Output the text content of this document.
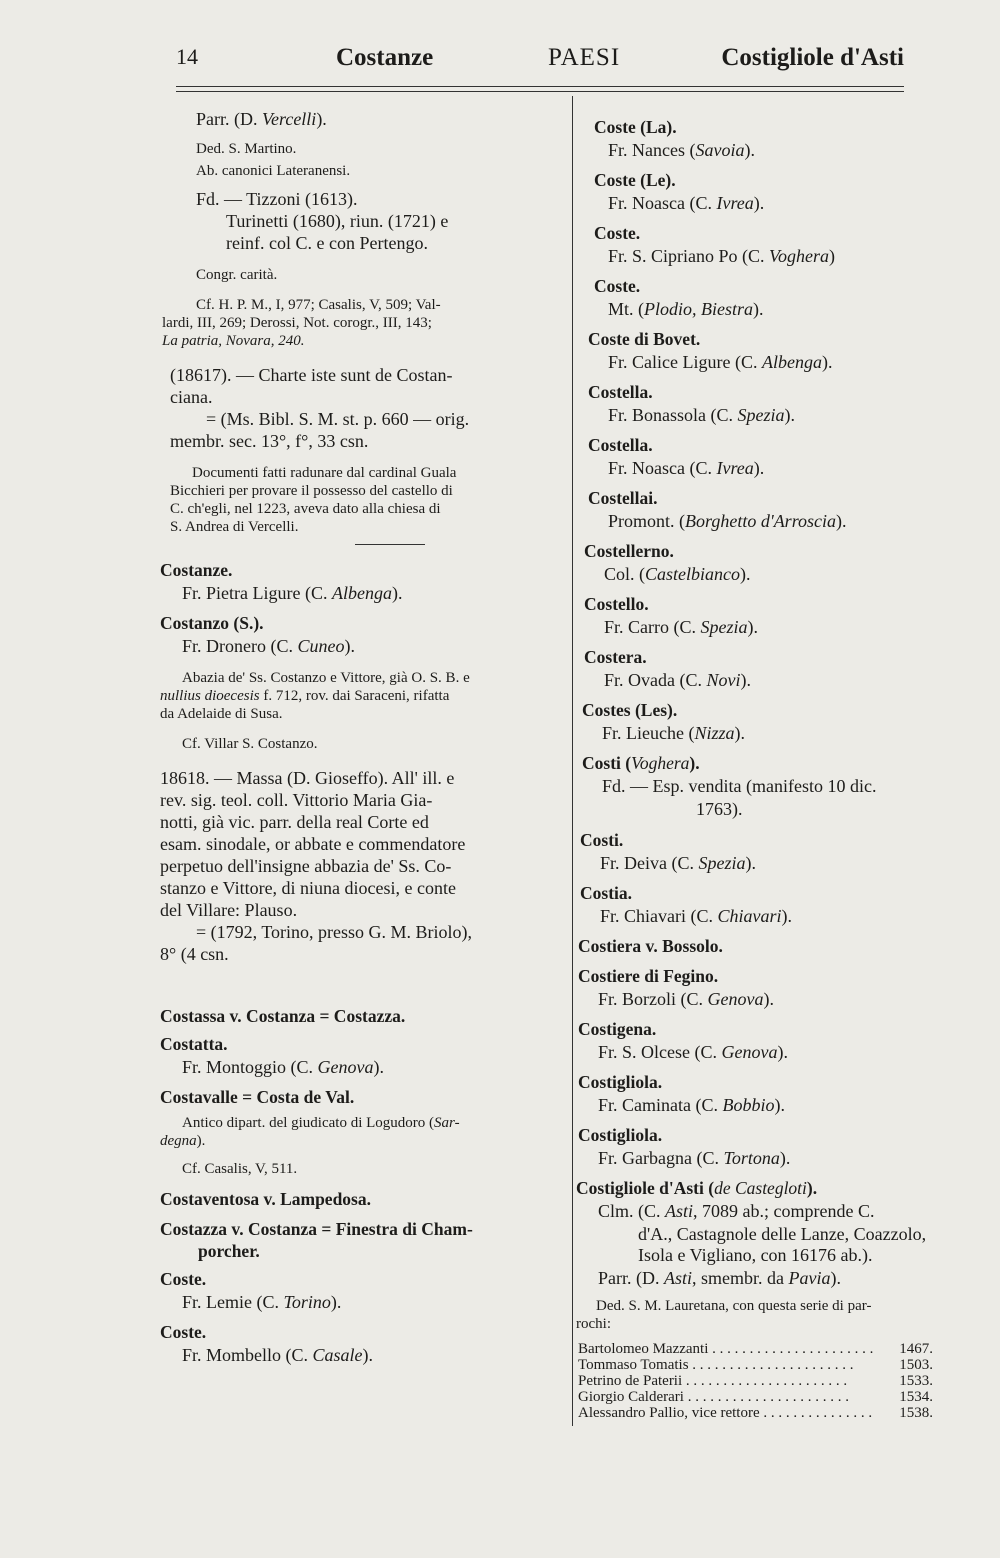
14	Costanze	PAESI	Costigliole d'Asti
Parr. (D. Vercelli).
Ded. S. Martino.
Ab. canonici Lateranensi.
Fd. — Tizzoni (1613).
Turinetti (1680), riun. (1721) e
reinf. col C. e con Pertengo.
Congr. carità.
Cf. H. P. M., I, 977; Casalis, V, 509; Val-
lardi, III, 269; Derossi, Not. corogr., III, 143;
La patria, Novara, 240.
(18617). — Charte iste sunt de Costan-
ciana.
= (Ms. Bibl. S. M. st. p. 660 — orig.
membr. sec. 13°, f°, 33 csn.
Documenti fatti radunare dal cardinal Guala
Bicchieri per provare il possesso del castello di
C. ch'egli, nel 1223, aveva dato alla chiesa di
S. Andrea di Vercelli.
Costanze.
Fr. Pietra Ligure (C. Albenga).
Costanzo (S.).
Fr. Dronero (C. Cuneo).
Abazia de' Ss. Costanzo e Vittore, già O. S. B. e
nullius dioecesis f. 712, rov. dai Saraceni, rifatta
da Adelaide di Susa.
Cf. Villar S. Costanzo.
18618. — Massa (D. Gioseffo). All' ill. e
rev. sig. teol. coll. Vittorio Maria Gia-
notti, già vic. parr. della real Corte ed
esam. sinodale, or abbate e commendatore
perpetuo dell'insigne abbazia de' Ss. Co-
stanzo e Vittore, di niuna diocesi, e conte
del Villare: Plauso.
= (1792, Torino, presso G. M. Briolo),
8° (4 csn.
Costassa v. Costanza = Costazza.
Costatta.
Fr. Montoggio (C. Genova).
Costavalle = Costa de Val.
Antico dipart. del giudicato di Logudoro (Sar-
degna).
Cf. Casalis, V, 511.
Costaventosa v. Lampedosa.
Costazza v. Costanza = Finestra di Cham-
porcher.
Coste.
Fr. Lemie (C. Torino).
Coste.
Fr. Mombello (C. Casale).
Coste (La).
Fr. Nances (Savoia).
Coste (Le).
Fr. Noasca (C. Ivrea).
Coste.
Fr. S. Cipriano Po (C. Voghera)
Coste.
Mt. (Plodio, Biestra).
Coste di Bovet.
Fr. Calice Ligure (C. Albenga).
Costella.
Fr. Bonassola (C. Spezia).
Costella.
Fr. Noasca (C. Ivrea).
Costellai.
Promont. (Borghetto d'Arroscia).
Costellerno.
Col. (Castelbianco).
Costello.
Fr. Carro (C. Spezia).
Costera.
Fr. Ovada (C. Novi).
Costes (Les).
Fr. Lieuche (Nizza).
Costi (Voghera).
Fd. — Esp. vendita (manifesto 10 dic.
1763).
Costi.
Fr. Deiva (C. Spezia).
Costia.
Fr. Chiavari (C. Chiavari).
Costiera v. Bossolo.
Costiere di Fegino.
Fr. Borzoli (C. Genova).
Costigena.
Fr. S. Olcese (C. Genova).
Costigliola.
Fr. Caminata (C. Bobbio).
Costigliola.
Fr. Garbagna (C. Tortona).
Costigliole d'Asti (de Castegloti).
Clm. (C. Asti, 7089 ab.; comprende C.
d'A., Castagnole delle Lanze, Coazzolo,
Isola e Vigliano, con 16176 ab.).
Parr. (D. Asti, smembr. da Pavia).
Ded. S. M. Lauretana, con questa serie di par-
rochi:
Bartolomeo Mazzanti . . .	1467.
Tommaso Tomatis . . .	1503.
Petrino de Paterii . . .	1533.
Giorgio Calderari . . .	1534.
Alessandro Pallio, vice rettore . . .	1538.
